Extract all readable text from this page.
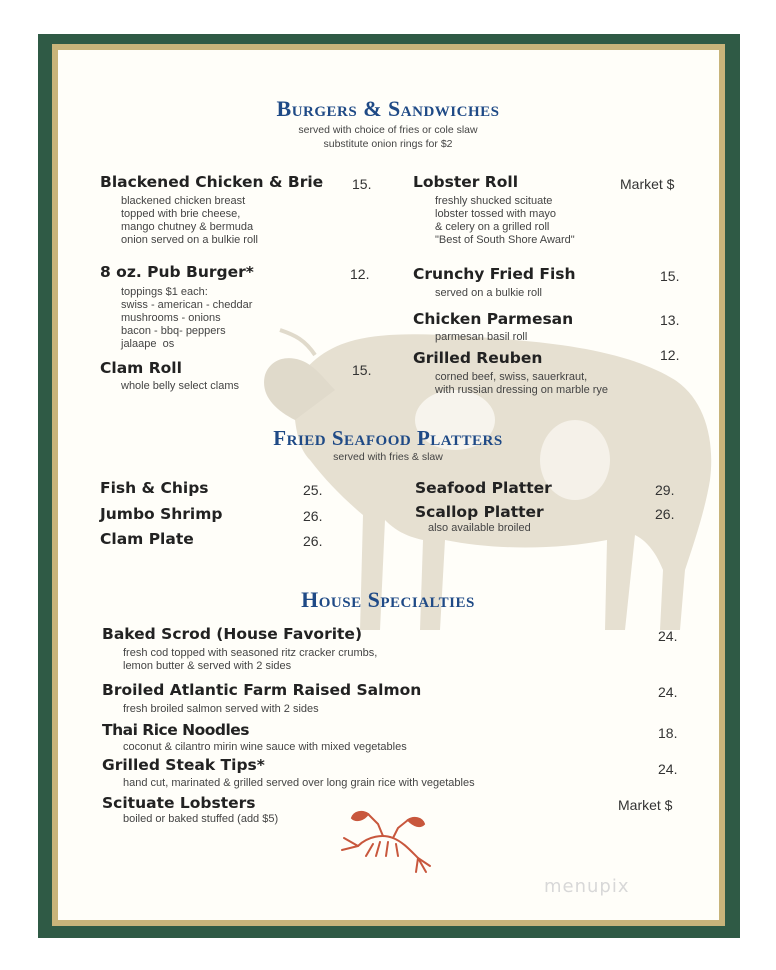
Burgers & Sandwiches
served with choice of fries or cole slaw
substitute onion rings for $2
Blackened Chicken & Brie 15.
blackened chicken breast
topped with brie cheese,
mango chutney & bermuda
onion served on a bulkie roll
8 oz. Pub Burger*	12.
toppings $1 each:
swiss - american - cheddar
mushrooms - onions
bacon - bbq- peppers
jalaape  os
Clam Roll	15.
whole belly select clams
Lobster Roll	Market $
freshly shucked scituate
lobster tossed with mayo
& celery on a grilled roll
"Best of South Shore Award"
Crunchy Fried Fish	15.
served on a bulkie roll
Chicken Parmesan	13.
parmesan basil roll
Grilled Reuben	12.
corned beef, swiss, sauerkraut,
with russian dressing on marble rye
Fried Seafood Platters
served with fries & slaw
Fish & Chips	25.
Jumbo Shrimp	26.
Clam Plate	26.
Seafood Platter	29.
Scallop Platter	26.
also available broiled
House Specialties
Baked Scrod (House Favorite)	24.
fresh cod topped with seasoned ritz cracker crumbs,
lemon butter & served with 2 sides
Broiled Atlantic Farm Raised Salmon	24.
fresh broiled salmon served with 2 sides
Thai Rice Noodles	18.
coconut & cilantro mirin wine sauce with mixed vegetables
Grilled Steak Tips*	24.
hand cut, marinated & grilled served over long grain rice with vegetables
Scituate Lobsters	Market $
boiled or baked stuffed (add $5)
menupix
